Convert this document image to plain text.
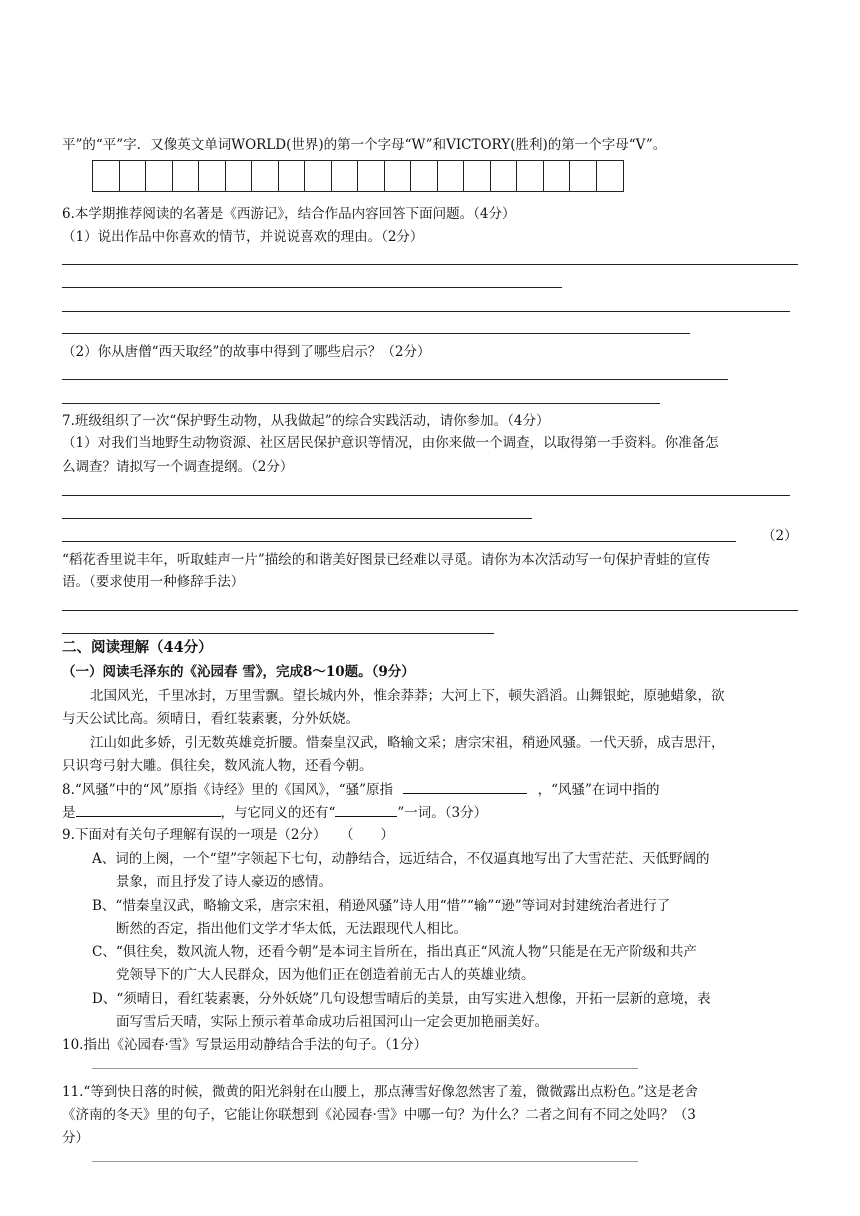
平”的“平”字．又像英文单词WORLD(世界)的第一个字母“W”和VICTORY(胜利)的第一个字母“V”。
6.本学期推荐阅读的名著是《西游记》，结合作品内容回答下面问题。（4分）
（1）说出作品中你喜欢的情节，并说说喜欢的理由。（2分）
（2）你从唐僧“西天取经”的故事中得到了哪些启示？（2分）
7.班级组织了一次“保护野生动物，从我做起”的综合实践活动，请你参加。（4分）
（1）对我们当地野生动物资源、社区居民保护意识等情况，由你来做一个调查，以取得第一手资料。你准备怎
么调查？请拟写一个调查提纲。（2分）
（2）
“稻花香里说丰年，听取蛙声一片”描绘的和谐美好图景已经难以寻觅。请你为本次活动写一句保护青蛙的宣传
语。（要求使用一种修辞手法）
二、阅读理解（44分）
（一）阅读毛泽东的《沁园春 雪》，完成8～10题。（9分）
北国风光，千里冰封，万里雪飘。望长城内外，惟余莽莽；大河上下，顿失滔滔。山舞银蛇，原驰蜡象，欲
与天公试比高。须晴日，看红装素裹，分外妖娆。
江山如此多娇，引无数英雄竞折腰。惜秦皇汉武，略输文采；唐宗宋祖，稍逊风骚。一代天骄，成吉思汗，
只识弯弓射大雕。俱往矣，数风流人物，还看今朝。
8.“风骚”中的“风”原指《诗经》里的《国风》，“骚”原指	，“风骚”在词中指的
是	，与它同义的还有“	”一词。（3分）
9.下面对有关句子理解有误的一项是（2分）　　（　　）
A、词的上阕，一个“望”字领起下七句，动静结合，远近结合，不仅逼真地写出了大雪茫茫、天低野阔的
景象，而且抒发了诗人豪迈的感情。
B、“惜秦皇汉武，略输文采，唐宗宋祖，稍逊风骚”诗人用“惜”“输”“逊”等词对封建统治者进行了
断然的否定，指出他们文学才华太低，无法跟现代人相比。
C、“俱往矣，数风流人物，还看今朝”是本词主旨所在，指出真正“风流人物”只能是在无产阶级和共产
党领导下的广大人民群众，因为他们正在创造着前无古人的英雄业绩。
D、“须晴日，看红装素裹，分外妖娆”几句设想雪晴后的美景，由写实进入想像，开拓一层新的意境，表
面写雪后天晴，实际上预示着革命成功后祖国河山一定会更加艳丽美好。
10.指出《沁园春·雪》写景运用动静结合手法的句子。（1分）
11.“等到快日落的时候，微黄的阳光斜射在山腰上，那点薄雪好像忽然害了羞，微微露出点粉色。”这是老舍
《济南的冬天》里的句子，它能让你联想到《沁园春·雪》中哪一句？为什么？二者之间有不同之处吗？（3
分）
